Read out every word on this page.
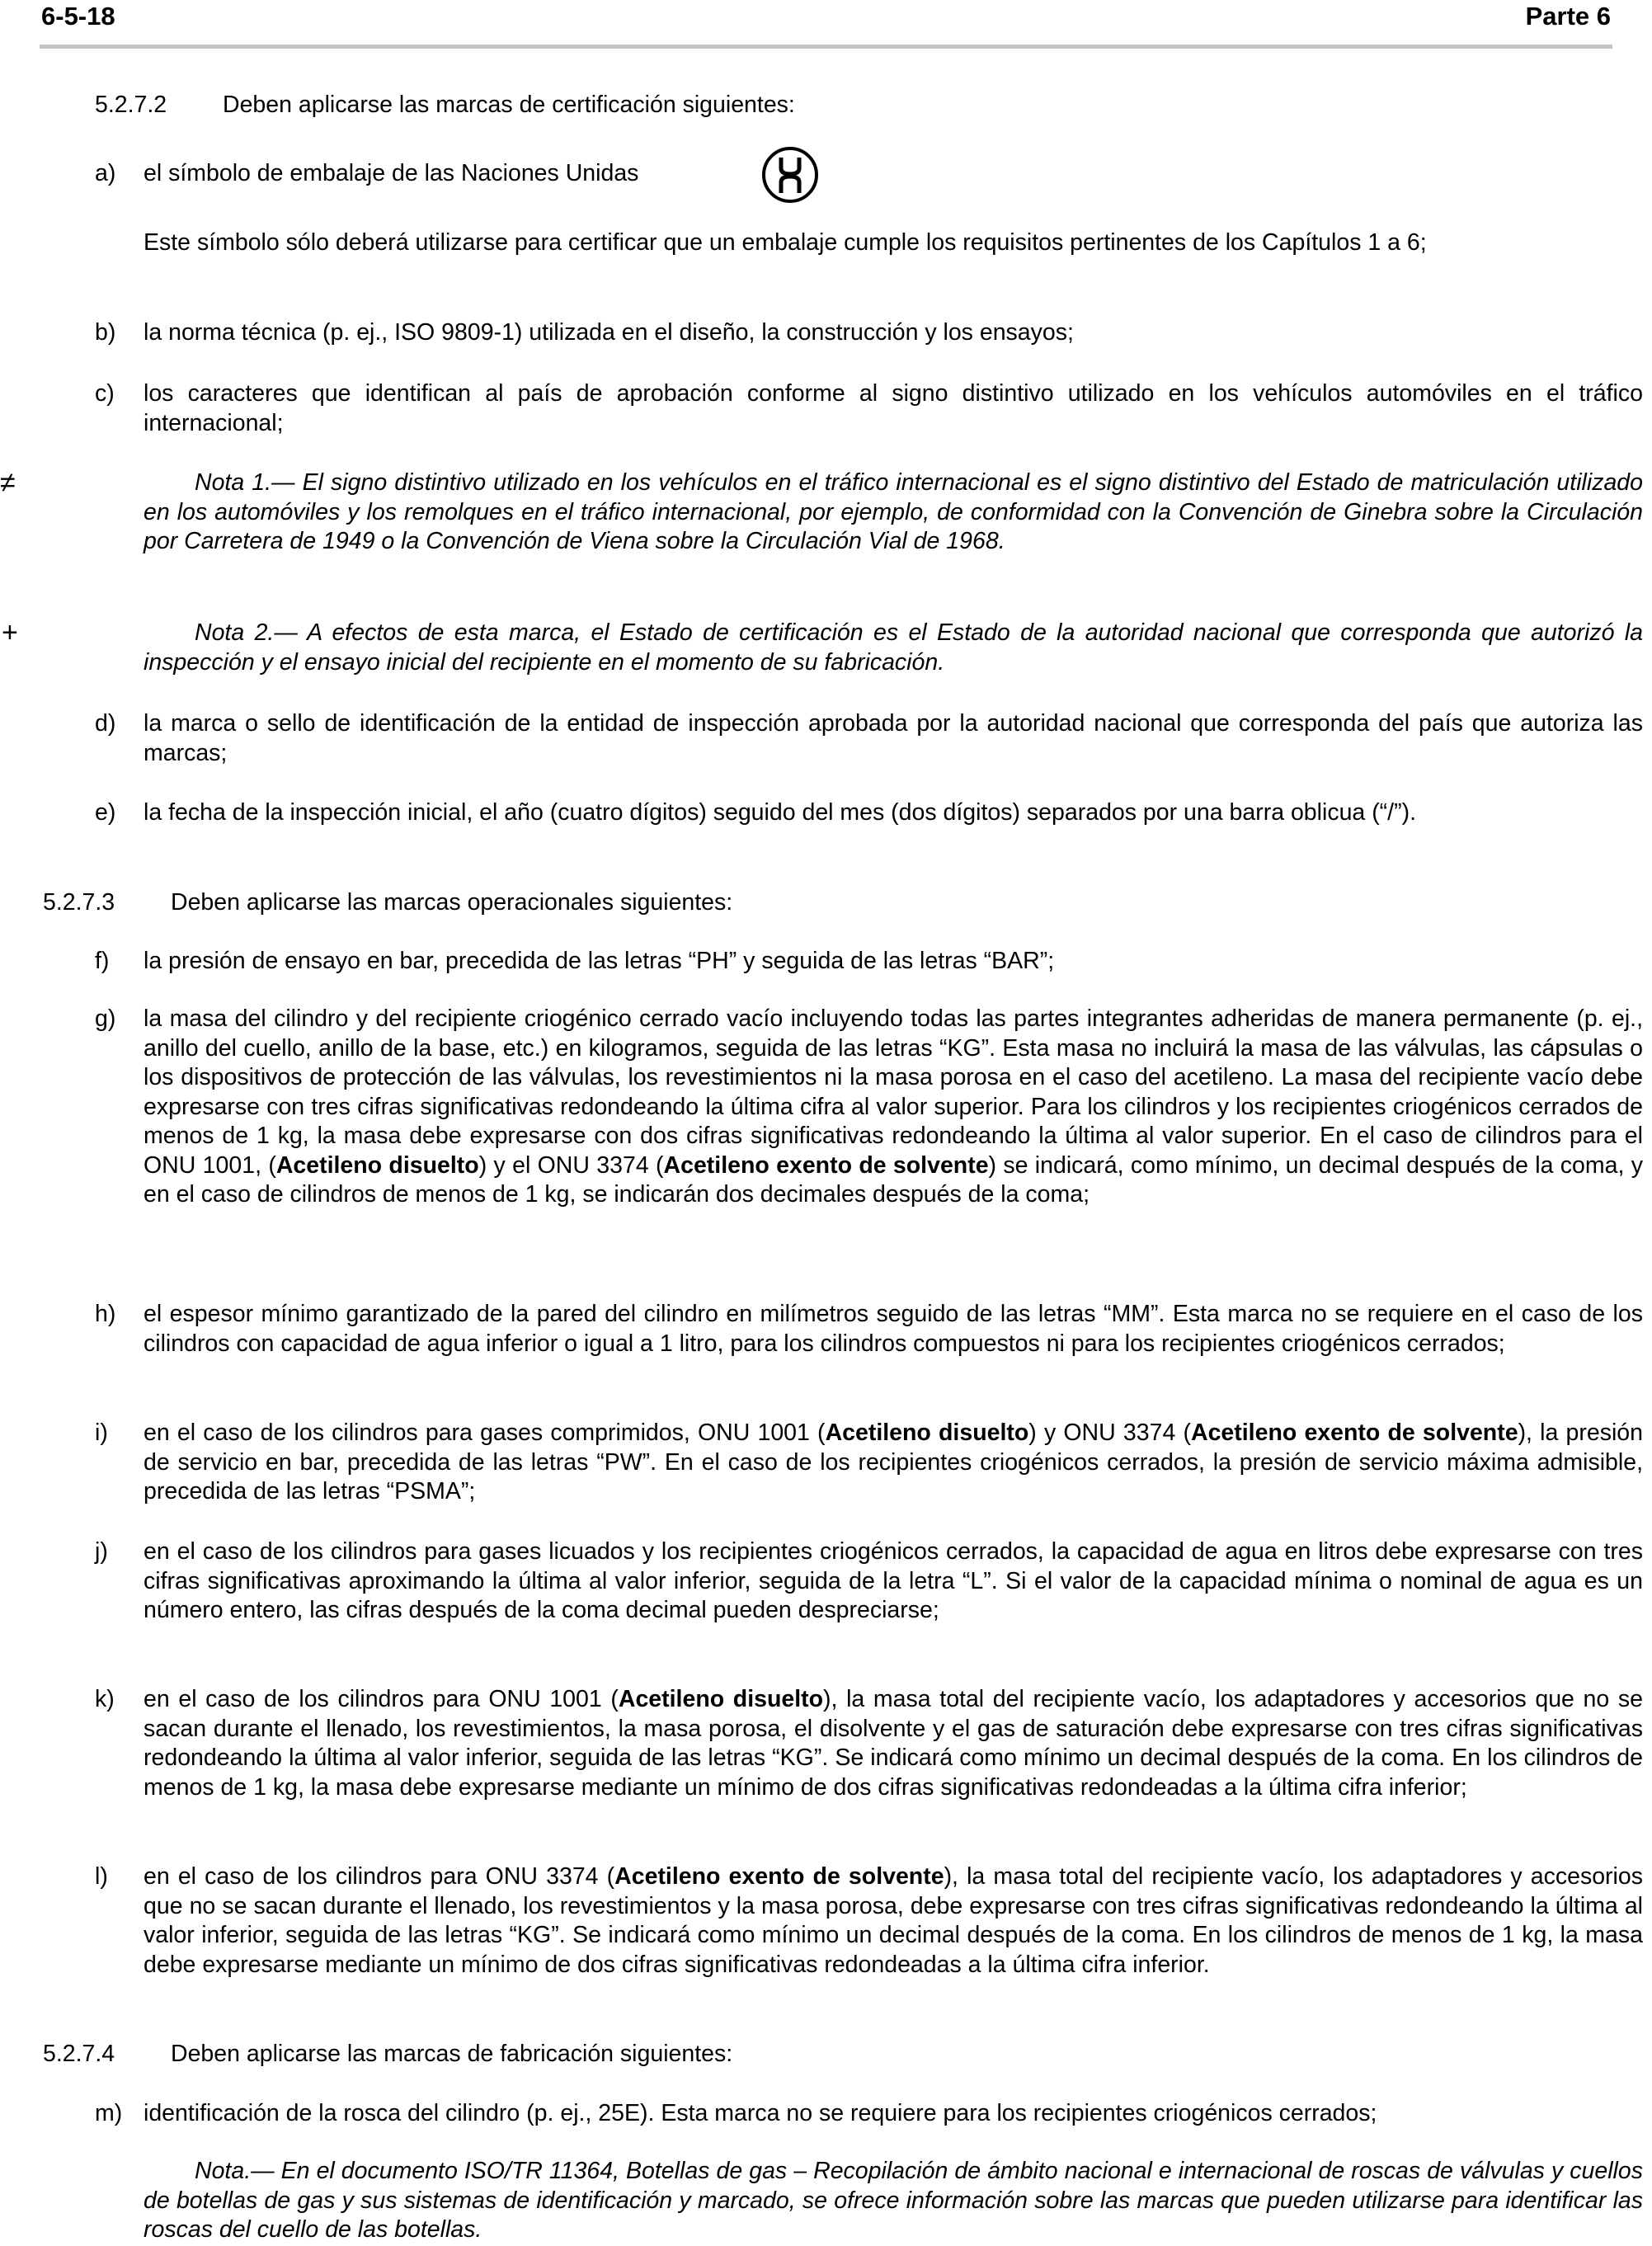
6-5-18	Parte 6
5.2.7.2 Deben aplicarse las marcas de certificación siguientes:
a) el símbolo de embalaje de las Naciones Unidas
Este símbolo sólo deberá utilizarse para certificar que un embalaje cumple los requisitos pertinentes de los Capítulos 1 a 6;
b) la norma técnica (p. ej., ISO 9809-1) utilizada en el diseño, la construcción y los ensayos;
c) los caracteres que identifican al país de aprobación conforme al signo distintivo utilizado en los vehículos automóviles en el tráfico internacional;
≠	Nota 1.— El signo distintivo utilizado en los vehículos en el tráfico internacional es el signo distintivo del Estado de matriculación utilizado en los automóviles y los remolques en el tráfico internacional, por ejemplo, de conformidad con la Convención de Ginebra sobre la Circulación por Carretera de 1949 o la Convención de Viena sobre la Circulación Vial de 1968.
+	Nota 2.— A efectos de esta marca, el Estado de certificación es el Estado de la autoridad nacional que corresponda que autorizó la inspección y el ensayo inicial del recipiente en el momento de su fabricación.
d) la marca o sello de identificación de la entidad de inspección aprobada por la autoridad nacional que corresponda del país que autoriza las marcas;
e) la fecha de la inspección inicial, el año (cuatro dígitos) seguido del mes (dos dígitos) separados por una barra oblicua (“/”).
5.2.7.3 Deben aplicarse las marcas operacionales siguientes:
f) la presión de ensayo en bar, precedida de las letras “PH” y seguida de las letras “BAR”;
g) la masa del cilindro y del recipiente criogénico cerrado vacío incluyendo todas las partes integrantes adheridas de manera permanente (p. ej., anillo del cuello, anillo de la base, etc.) en kilogramos, seguida de las letras “KG”. Esta masa no incluirá la masa de las válvulas, las cápsulas o los dispositivos de protección de las válvulas, los revestimientos ni la masa porosa en el caso del acetileno. La masa del recipiente vacío debe expresarse con tres cifras significativas redondeando la última cifra al valor superior. Para los cilindros y los recipientes criogénicos cerrados de menos de 1 kg, la masa debe expresarse con dos cifras significativas redondeando la última al valor superior. En el caso de cilindros para el ONU 1001, (Acetileno disuelto) y el ONU 3374 (Acetileno exento de solvente) se indicará, como mínimo, un decimal después de la coma, y en el caso de cilindros de menos de 1 kg, se indicarán dos decimales después de la coma;
h) el espesor mínimo garantizado de la pared del cilindro en milímetros seguido de las letras “MM”. Esta marca no se requiere en el caso de los cilindros con capacidad de agua inferior o igual a 1 litro, para los cilindros compuestos ni para los recipientes criogénicos cerrados;
i) en el caso de los cilindros para gases comprimidos, ONU 1001 (Acetileno disuelto) y ONU 3374 (Acetileno exento de solvente), la presión de servicio en bar, precedida de las letras “PW”. En el caso de los recipientes criogénicos cerrados, la presión de servicio máxima admisible, precedida de las letras “PSMA”;
j) en el caso de los cilindros para gases licuados y los recipientes criogénicos cerrados, la capacidad de agua en litros debe expresarse con tres cifras significativas aproximando la última al valor inferior, seguida de la letra “L”. Si el valor de la capacidad mínima o nominal de agua es un número entero, las cifras después de la coma decimal pueden despreciarse;
k) en el caso de los cilindros para ONU 1001 (Acetileno disuelto), la masa total del recipiente vacío, los adaptadores y accesorios que no se sacan durante el llenado, los revestimientos, la masa porosa, el disolvente y el gas de saturación debe expresarse con tres cifras significativas redondeando la última al valor inferior, seguida de las letras “KG”. Se indicará como mínimo un decimal después de la coma. En los cilindros de menos de 1 kg, la masa debe expresarse mediante un mínimo de dos cifras significativas redondeadas a la última cifra inferior;
l) en el caso de los cilindros para ONU 3374 (Acetileno exento de solvente), la masa total del recipiente vacío, los adaptadores y accesorios que no se sacan durante el llenado, los revestimientos y la masa porosa, debe expresarse con tres cifras significativas redondeando la última al valor inferior, seguida de las letras “KG”. Se indicará como mínimo un decimal después de la coma. En los cilindros de menos de 1 kg, la masa debe expresarse mediante un mínimo de dos cifras significativas redondeadas a la última cifra inferior.
5.2.7.4 Deben aplicarse las marcas de fabricación siguientes:
m) identificación de la rosca del cilindro (p. ej., 25E). Esta marca no se requiere para los recipientes criogénicos cerrados;
Nota.— En el documento ISO/TR 11364, Botellas de gas – Recopilación de ámbito nacional e internacional de roscas de válvulas y cuellos de botellas de gas y sus sistemas de identificación y marcado, se ofrece información sobre las marcas que pueden utilizarse para identificar las roscas del cuello de las botellas.
